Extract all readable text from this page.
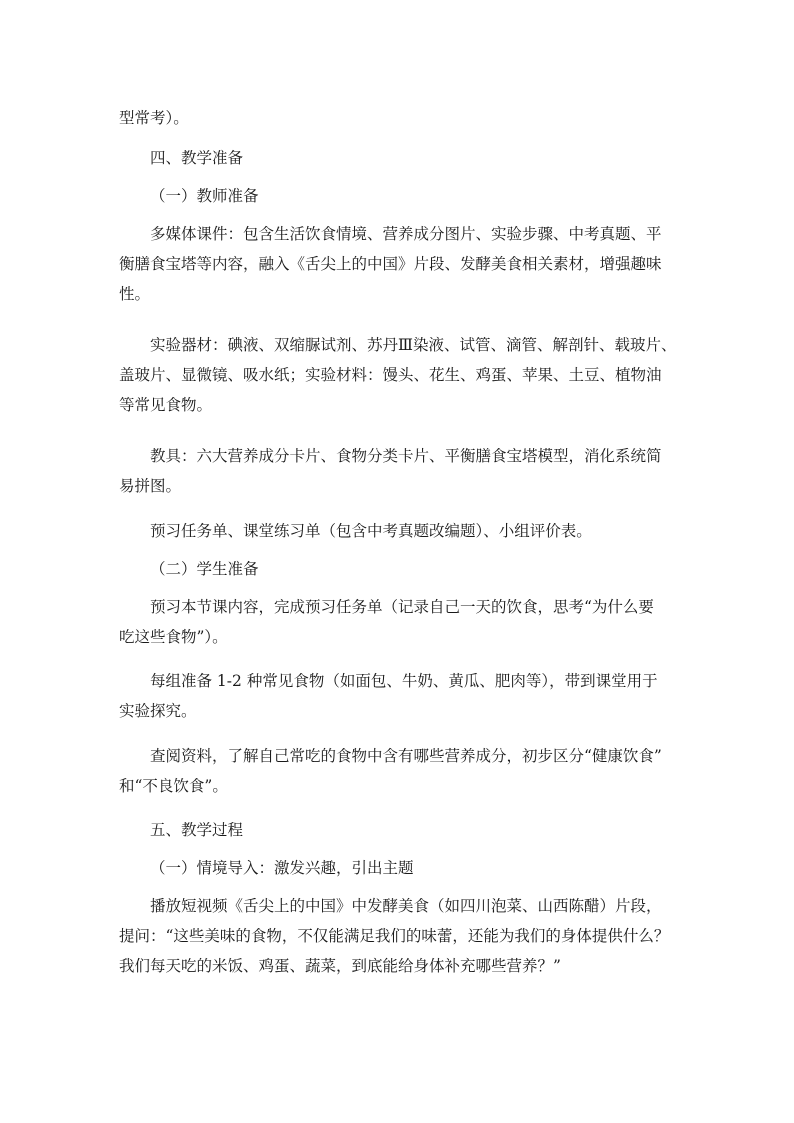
型常考）。
四、教学准备
（一）教师准备
多媒体课件：包含生活饮食情境、营养成分图片、实验步骤、中考真题、平
衡膳食宝塔等内容，融入《舌尖上的中国》片段、发酵美食相关素材，增强趣味
性。
实验器材：碘液、双缩脲试剂、苏丹Ⅲ染液、试管、滴管、解剖针、载玻片、
盖玻片、显微镜、吸水纸；实验材料：馒头、花生、鸡蛋、苹果、土豆、植物油
等常见食物。
教具：六大营养成分卡片、食物分类卡片、平衡膳食宝塔模型，消化系统简
易拼图。
预习任务单、课堂练习单（包含中考真题改编题）、小组评价表。
（二）学生准备
预习本节课内容，完成预习任务单（记录自己一天的饮食，思考“为什么要
吃这些食物”）。
每组准备 1-2 种常见食物（如面包、牛奶、黄瓜、肥肉等），带到课堂用于
实验探究。
查阅资料，了解自己常吃的食物中含有哪些营养成分，初步区分“健康饮食”
和“不良饮食”。
五、教学过程
（一）情境导入：激发兴趣，引出主题
播放短视频《舌尖上的中国》中发酵美食（如四川泡菜、山西陈醋）片段，
提问：“这些美味的食物，不仅能满足我们的味蕾，还能为我们的身体提供什么？
我们每天吃的米饭、鸡蛋、蔬菜，到底能给身体补充哪些营养？”
